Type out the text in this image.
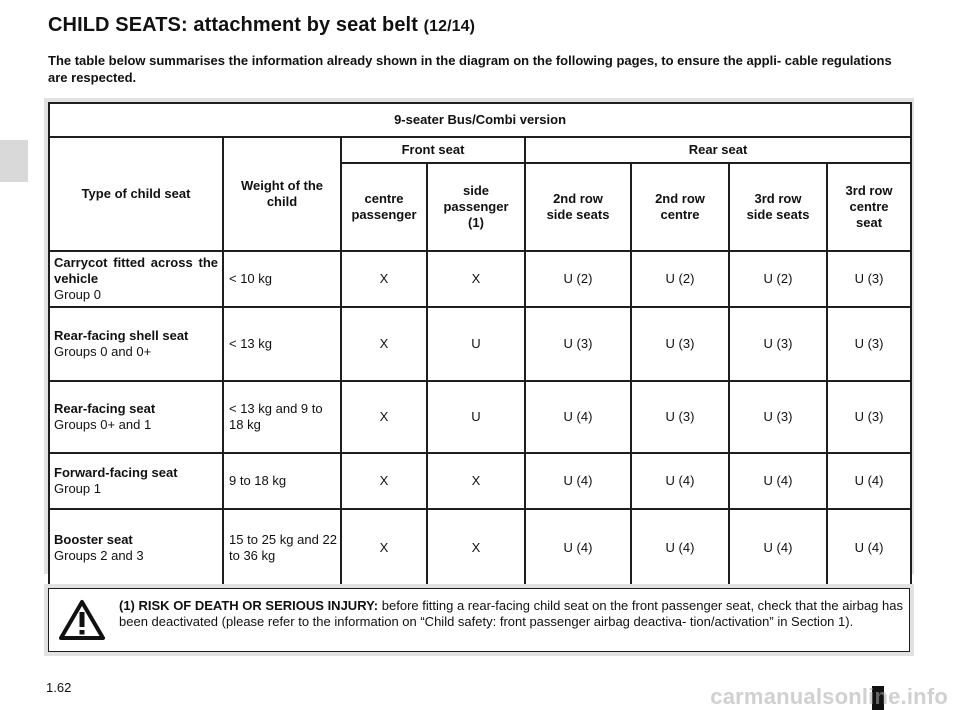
CHILD SEATS: attachment by seat belt (12/14)

The table below summarises the information already shown in the diagram on the following pages, to ensure the appli- cable regulations are respected.

9-seater Bus/Combi version							
Type of child seat	Weight of the child	Front seat		Rear seat			
		centre passenger	side passenger (1)	2nd row side seats	2nd row centre	3rd row side seats	3rd row centre seat

Carrycot fitted across the vehicle
Group 0	< 10 kg	X	X	U (2)	U (2)	U (2)	U (3)

Rear-facing shell seat
Groups 0 and 0+	< 13 kg	X	U	U (3)	U (3)	U (3)	U (3)

Rear-facing seat
Groups 0+ and 1	< 13 kg and 9 to 18 kg	X	U	U (4)	U (3)	U (3)	U (3)

Forward-facing seat
Group 1	9 to 18 kg	X	X	U (4)	U (4)	U (4)	U (4)

Booster seat
Groups 2 and 3	15 to 25 kg and 22 to 36 kg	X	X	U (4)	U (4)	U (4)	U (4)

(1) RISK OF DEATH OR SERIOUS INJURY: before fitting a rear-facing child seat on the front passenger seat, check that the airbag has been deactivated (please refer to the information on “Child safety: front passenger airbag deactiva- tion/activation” in Section 1).

1.62	carmanualsonline.info
